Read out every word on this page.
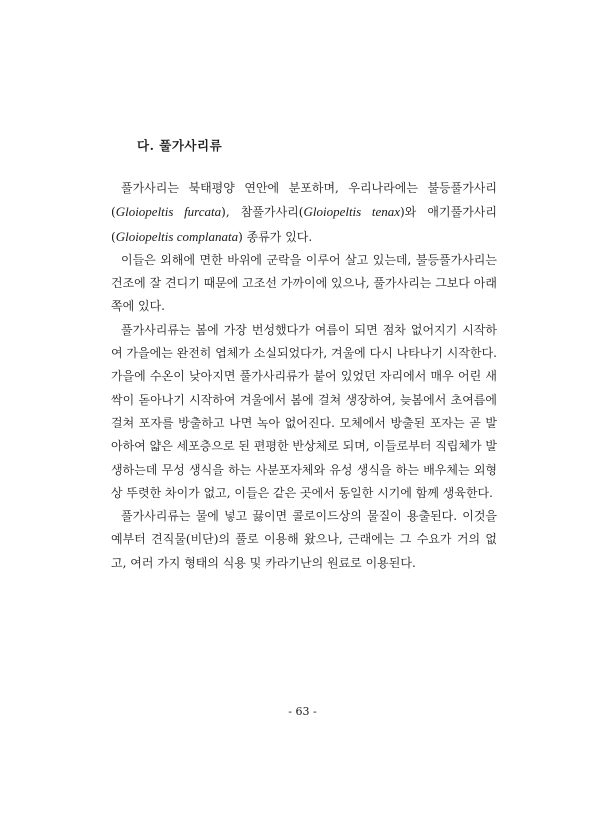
다. 풀가사리류

풀가사리는 북태평양 연안에 분포하며, 우리나라에는 불등풀가사리 (Gloiopeltis furcata), 참풀가사리(Gloiopeltis tenax)와 애기풀가사리 (Gloiopeltis complanata) 종류가 있다.

이들은 외해에 면한 바위에 군락을 이루어 살고 있는데, 불등풀가사리는 건조에 잘 견디기 때문에 고조선 가까이에 있으나, 풀가사리는 그보다 아래 쪽에 있다.

풀가사리류는 봄에 가장 번성했다가 여름이 되면 점차 없어지기 시작하여 가을에는 완전히 엽체가 소실되었다가, 겨울에 다시 나타나기 시작한다. 가을에 수온이 낮아지면 풀가사리류가 붙어 있었던 자리에서 매우 어린 새싹이 돋아나기 시작하여 겨울에서 봄에 걸쳐 생장하여, 늦봄에서 초여름에 걸쳐 포자를 방출하고 나면 녹아 없어진다. 모체에서 방출된 포자는 곧 발아하여 얇은 세포층으로 된 편평한 반상체로 되며, 이들로부터 직립체가 발생하는데 무성 생식을 하는 사분포자체와 유성 생식을 하는 배우체는 외형상 뚜렷한 차이가 없고, 이들은 같은 곳에서 동일한 시기에 함께 생육한다.

풀가사리류는 물에 넣고 끓이면 콜로이드상의 물질이 용출된다. 이것을 예부터 견직물(비단)의 풀로 이용해 왔으나, 근래에는 그 수요가 거의 없고, 여러 가지 형태의 식용 및 카라기난의 원료로 이용된다.

- 63 -
